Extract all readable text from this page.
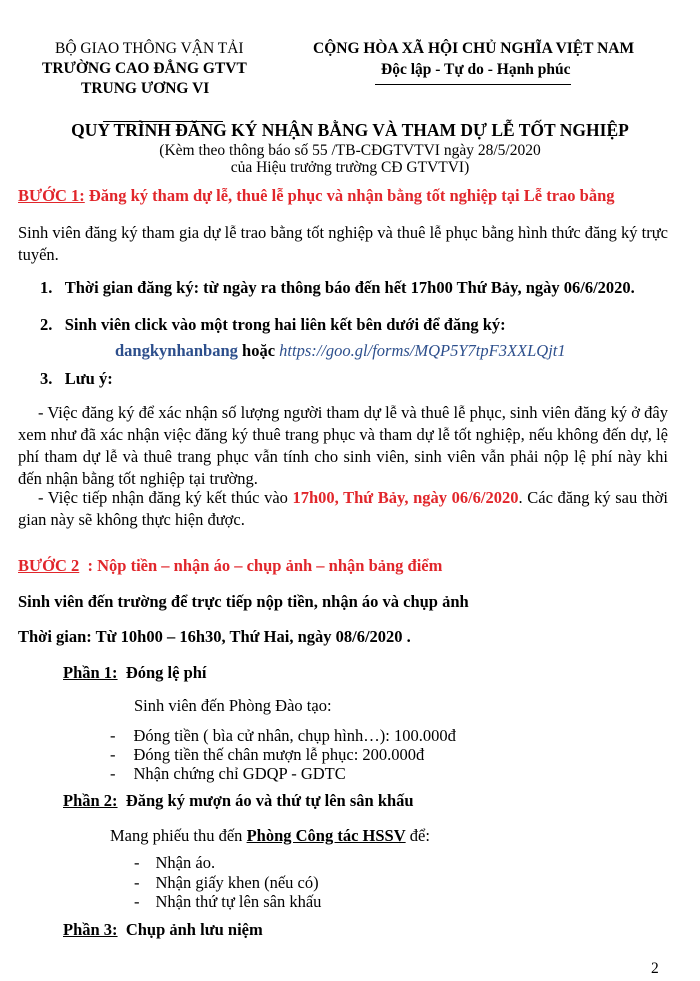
BỘ GIAO THÔNG VẬN TẢI
TRƯỜNG CAO ĐẲNG GTVT
TRUNG ƯƠNG VI
CỘNG HÒA XÃ HỘI CHỦ NGHĨA VIỆT NAM
Độc lập - Tự do - Hạnh phúc
QUY TRÌNH ĐĂNG KÝ NHẬN BẰNG VÀ THAM DỰ LỄ TỐT NGHIỆP
(Kèm theo thông báo số 55 /TB-CĐGTVTVI ngày 28/5/2020
của Hiệu trưởng trường CĐ GTVTVI)
BƯỚC 1: Đăng ký tham dự lễ, thuê lễ phục và nhận bằng tốt nghiệp tại Lễ trao bằng
Sinh viên đăng ký tham gia dự lễ trao bằng tốt nghiệp và thuê lễ phục bằng hình thức đăng ký trực tuyến.
1. Thời gian đăng ký: từ ngày ra thông báo đến hết 17h00 Thứ Bảy, ngày 06/6/2020.
2. Sinh viên click vào một trong hai liên kết bên dưới để đăng ký:
dangkynhanbang hoặc https://goo.gl/forms/MQP5Y7tpF3XXLQjt1
3. Lưu ý:
- Việc đăng ký để xác nhận số lượng người tham dự lễ và thuê lễ phục, sinh viên đăng ký ở đây xem như đã xác nhận việc đăng ký thuê trang phục và tham dự lễ tốt nghiệp, nếu không đến dự, lệ phí tham dự lễ và thuê trang phục vẫn tính cho sinh viên, sinh viên vẫn phải nộp lệ phí này khi đến nhận bằng tốt nghiệp tại trường.
- Việc tiếp nhận đăng ký kết thúc vào 17h00, Thứ Bảy, ngày 06/6/2020. Các đăng ký sau thời gian này sẽ không thực hiện được.
BƯỚC 2 : Nộp tiền – nhận áo – chụp ảnh – nhận bảng điểm
Sinh viên đến trường để trực tiếp nộp tiền, nhận áo và chụp ảnh
Thời gian: Từ 10h00 – 16h30, Thứ Hai, ngày 08/6/2020 .
Phần 1: Đóng lệ phí
Sinh viên đến Phòng Đào tạo:
- Đóng tiền ( bìa cử nhân, chụp hình…): 100.000đ
- Đóng tiền thế chân mượn lễ phục: 200.000đ
- Nhận chứng chỉ GDQP - GDTC
Phần 2: Đăng ký mượn áo và thứ tự lên sân khấu
Mang phiếu thu đến Phòng Công tác HSSV để:
- Nhận áo.
- Nhận giấy khen (nếu có)
- Nhận thứ tự lên sân khấu
Phần 3: Chụp ảnh lưu niệm
2
